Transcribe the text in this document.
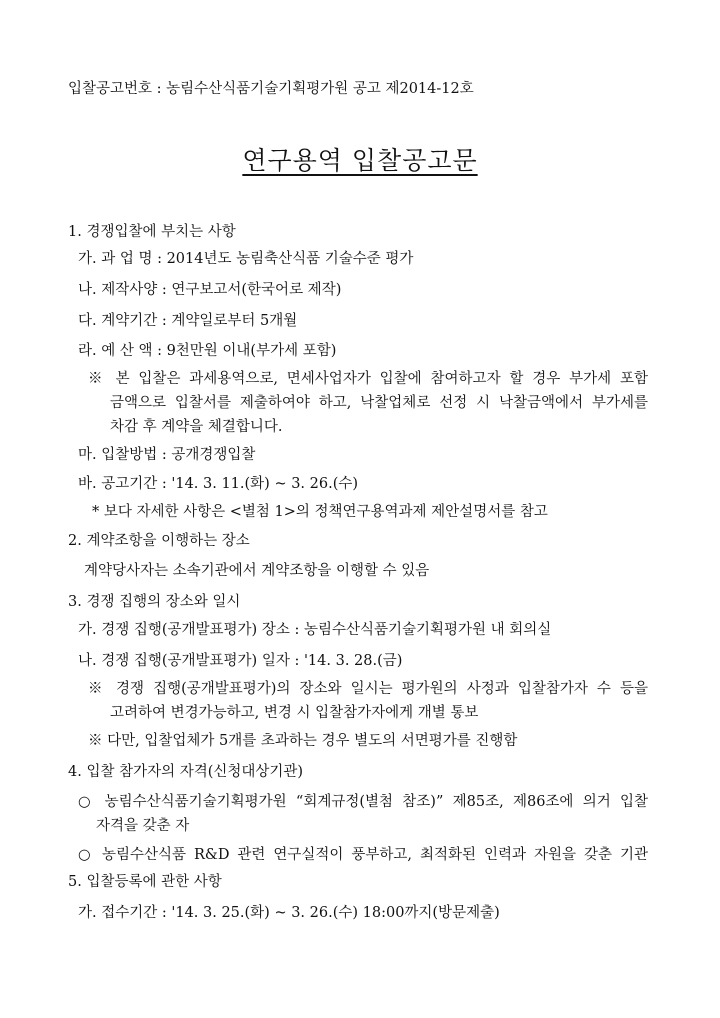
입찰공고번호 : 농림수산식품기술기획평가원 공고 제2014-12호
연구용역 입찰공고문
1. 경쟁입찰에 부치는 사항
가. 과 업 명 : 2014년도 농림축산식품 기술수준 평가
나. 제작사양 : 연구보고서(한국어로 제작)
다. 계약기간 : 계약일로부터 5개월
라. 예 산 액 : 9천만원 이내(부가세 포함)
※ 본 입찰은 과세용역으로, 면세사업자가 입찰에 참여하고자 할 경우 부가세 포함
금액으로 입찰서를 제출하여야 하고, 낙찰업체로 선정 시 낙찰금액에서 부가세를
차감 후 계약을 체결합니다.
마. 입찰방법 : 공개경쟁입찰
바. 공고기간 : '14. 3. 11.(화) ~ 3. 26.(수)
* 보다 자세한 사항은 <별첨 1>의 정책연구용역과제 제안설명서를 참고
2. 계약조항을 이행하는 장소
계약당사자는 소속기관에서 계약조항을 이행할 수 있음
3. 경쟁 집행의 장소와 일시
가. 경쟁 집행(공개발표평가) 장소 : 농림수산식품기술기획평가원 내 회의실
나. 경쟁 집행(공개발표평가) 일자 : '14. 3. 28.(금)
※ 경쟁 집행(공개발표평가)의 장소와 일시는 평가원의 사정과 입찰참가자 수 등을
고려하여 변경가능하고, 변경 시 입찰참가자에게 개별 통보
※ 다만, 입찰업체가 5개를 초과하는 경우 별도의 서면평가를 진행함
4. 입찰 참가자의 자격(신청대상기관)
○ 농림수산식품기술기획평가원 “회계규정(별첨 참조)” 제85조, 제86조에 의거 입찰
자격을 갖춘 자
○ 농림수산식품 R&D 관련 연구실적이 풍부하고, 최적화된 인력과 자원을 갖춘 기관
5. 입찰등록에 관한 사항
가. 접수기간 : '14. 3. 25.(화) ~ 3. 26.(수) 18:00까지(방문제출)
